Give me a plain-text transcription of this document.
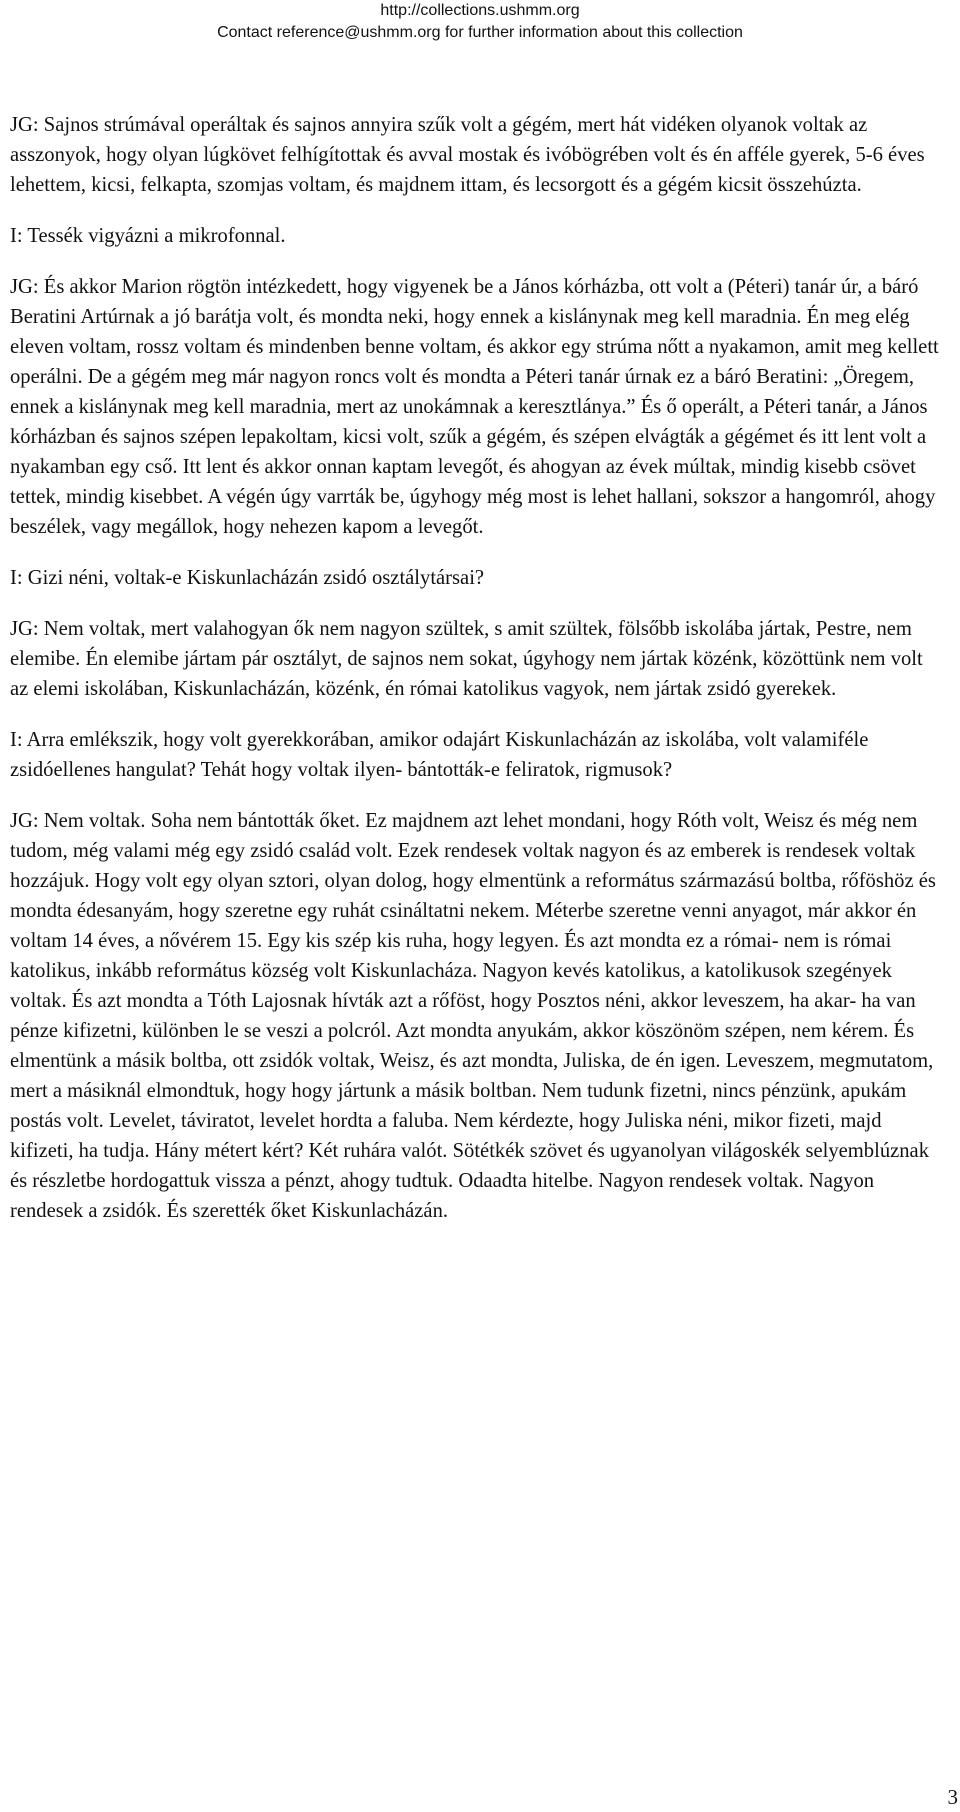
http://collections.ushmm.org
Contact reference@ushmm.org for further information about this collection

JG: Sajnos strúmával operáltak és sajnos annyira szűk volt a gégém, mert hát vidéken olyanok voltak az asszonyok, hogy olyan lúgkövet felhígítottak és avval mostak és ivóbögrében volt és én afféle gyerek, 5-6 éves lehettem, kicsi, felkapta, szomjas voltam, és majdnem ittam, és lecsorgott és a gégém kicsit összehúzta.

I: Tessék vigyázni a mikrofonnal.

JG: És akkor Marion rögtön intézkedett, hogy vigyenek be a János kórházba, ott volt a (Péteri) tanár úr, a báró Beratini Artúrnak a jó barátja volt, és mondta neki, hogy ennek a kislánynak meg kell maradnia. Én meg elég eleven voltam, rossz voltam és mindenben benne voltam, és akkor egy strúma nőtt a nyakamon, amit meg kellett operálni. De a gégém meg már nagyon roncs volt és mondta a Péteri tanár úrnak ez a báró Beratini: „Öregem, ennek a kislánynak meg kell maradnia, mert az unokámnak a keresztlánya.” És ő operált, a Péteri tanár, a János kórházban és sajnos szépen lepakoltam, kicsi volt, szűk a gégém, és szépen elvágták a gégémet és itt lent volt a nyakamban egy cső. Itt lent és akkor onnan kaptam levegőt, és ahogyan az évek múltak, mindig kisebb csövet tettek, mindig kisebbet. A végén úgy varrták be, úgyhogy még most is lehet hallani, sokszor a hangomról, ahogy beszélek, vagy megállok, hogy nehezen kapom a levegőt.

I: Gizi néni, voltak-e Kiskunlacházán zsidó osztálytársai?

JG: Nem voltak, mert valahogyan ők nem nagyon szültek, s amit szültek, fölsőbb iskolába jártak, Pestre, nem elemibe. Én elemibe jártam pár osztályt, de sajnos nem sokat, úgyhogy nem jártak közénk, közöttünk nem volt az elemi iskolában, Kiskunlacházán, közénk, én római katolikus vagyok, nem jártak zsidó gyerekek.

I: Arra emlékszik, hogy volt gyerekkorában, amikor odajárt Kiskunlacházán az iskolába, volt valamiféle zsidóellenes hangulat? Tehát hogy voltak ilyen- bántották-e feliratok, rigmusok?

JG: Nem voltak. Soha nem bántották őket. Ez majdnem azt lehet mondani, hogy Róth volt, Weisz és még nem tudom, még valami még egy zsidó család volt. Ezek rendesek voltak nagyon és az emberek is rendesek voltak hozzájuk. Hogy volt egy olyan sztori, olyan dolog, hogy elmentünk a református származású boltba, rőföshöz és mondta édesanyám, hogy szeretne egy ruhát csináltatni nekem. Méterbe szeretne venni anyagot, már akkor én voltam 14 éves, a nővérem 15. Egy kis szép kis ruha, hogy legyen. És azt mondta ez a római- nem is római katolikus, inkább református község volt Kiskunlacháza. Nagyon kevés katolikus, a katolikusok szegények voltak. És azt mondta a Tóth Lajosnak hívták azt a rőföst, hogy Posztos néni, akkor leveszem, ha akar- ha van pénze kifizetni, különben le se veszi a polcról. Azt mondta anyukám, akkor köszönöm szépen, nem kérem. És elmentünk a másik boltba, ott zsidók voltak, Weisz, és azt mondta, Juliska, de én igen. Leveszem, megmutatom, mert a másiknál elmondtuk, hogy hogy jártunk a másik boltban. Nem tudunk fizetni, nincs pénzünk, apukám postás volt. Levelet, táviratot, levelet hordta a faluba. Nem kérdezte, hogy Juliska néni, mikor fizeti, majd kifizeti, ha tudja. Hány métert kért? Két ruhára valót. Sötétkék szövet és ugyanolyan világoskék selyemblúznak és részletbe hordogattuk vissza a pénzt, ahogy tudtuk. Odaadta hitelbe. Nagyon rendesek voltak. Nagyon rendesek a zsidók. És szerették őket Kiskunlacházán.

3
